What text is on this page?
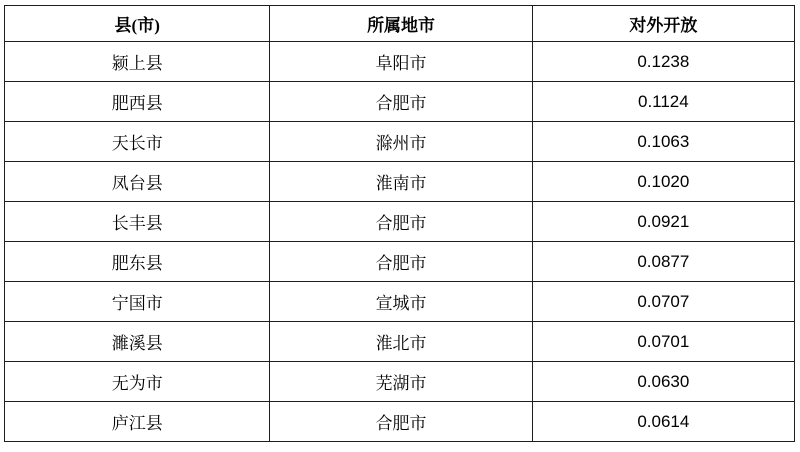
县(市)	所属地市	对外开放
颍上县	阜阳市	0.1238
肥西县	合肥市	0.1124
天长市	滁州市	0.1063
凤台县	淮南市	0.1020
长丰县	合肥市	0.0921
肥东县	合肥市	0.0877
宁国市	宣城市	0.0707
濉溪县	淮北市	0.0701
无为市	芜湖市	0.0630
庐江县	合肥市	0.0614
